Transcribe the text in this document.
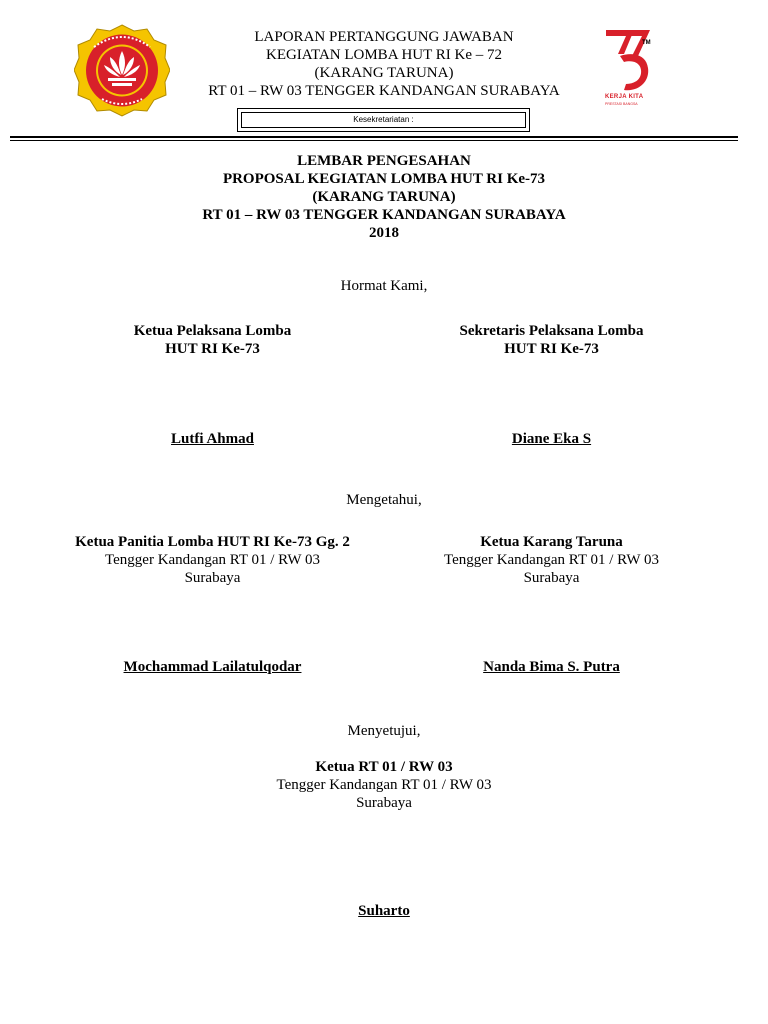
LAPORAN PERTANGGUNG JAWABAN
KEGIATAN LOMBA HUT RI Ke – 72
(KARANG TARUNA)
RT 01 – RW 03 TENGGER KANDANGAN SURABAYA
Kesekretariatan :
TM
KERJA KITA
PRESTASI BANGSA
LEMBAR PENGESAHAN
PROPOSAL KEGIATAN LOMBA HUT RI Ke-73
(KARANG TARUNA)
RT 01 – RW 03 TENGGER KANDANGAN SURABAYA
2018
Hormat Kami,
Ketua Pelaksana Lomba
HUT RI Ke-73
Sekretaris Pelaksana Lomba
HUT RI Ke-73
Lutfi Ahmad	Diane Eka S
Mengetahui,
Ketua Panitia Lomba HUT RI Ke-73 Gg. 2
Tengger Kandangan RT 01 / RW 03
Surabaya
Ketua Karang Taruna
Tengger Kandangan RT 01 / RW 03
Surabaya
Mochammad Lailatulqodar	Nanda Bima S. Putra
Menyetujui,
Ketua RT 01 / RW 03
Tengger Kandangan RT 01 / RW 03
Surabaya
Suharto
